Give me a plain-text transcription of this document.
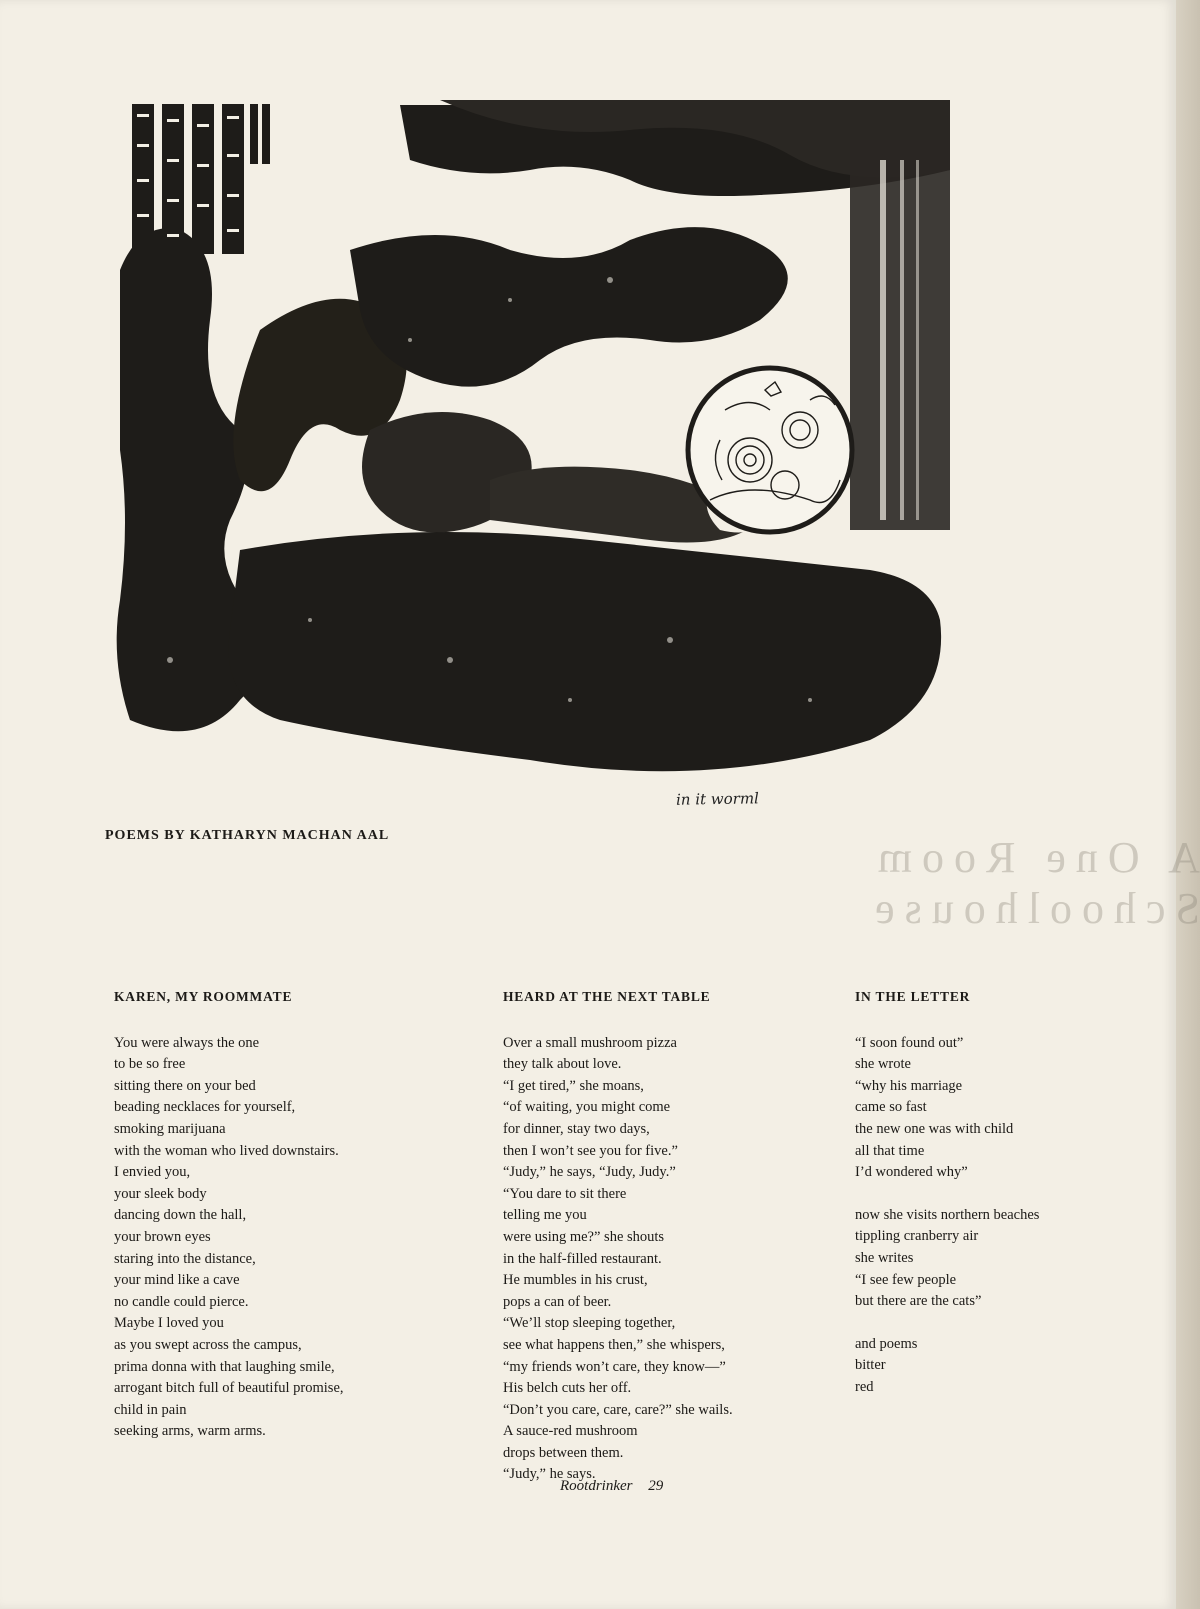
A One Room Schoolhouse
in it worml
POEMS BY KATHARYN MACHAN AAL
KAREN, MY ROOMMATE
You were always the one
to be so free
sitting there on your bed
beading necklaces for yourself,
smoking marijuana
with the woman who lived downstairs.
I envied you,
your sleek body
dancing down the hall,
your brown eyes
staring into the distance,
your mind like a cave
no candle could pierce.
Maybe I loved you
as you swept across the campus,
prima donna with that laughing smile,
arrogant bitch full of beautiful promise,
child in pain
seeking arms, warm arms.
HEARD AT THE NEXT TABLE
Over a small mushroom pizza
they talk about love.
“I get tired,” she moans,
“of waiting, you might come
for dinner, stay two days,
then I won’t see you for five.”
“Judy,” he says, “Judy, Judy.”
“You dare to sit there
telling me you
were using me?” she shouts
in the half-filled restaurant.
He mumbles in his crust,
pops a can of beer.
“We’ll stop sleeping together,
see what happens then,” she whispers,
“my friends won’t care, they know—”
His belch cuts her off.
“Don’t you care, care, care?” she wails.
A sauce-red mushroom
drops between them.
“Judy,” he says.
IN THE LETTER
“I soon found out”
she wrote
“why his marriage
came so fast
the new one was with child
all that time
I’d wondered why”
now she visits northern beaches
tippling cranberry air
she writes
“I see few people
but there are the cats”
and poems
bitter
red
Rootdrinker 29
